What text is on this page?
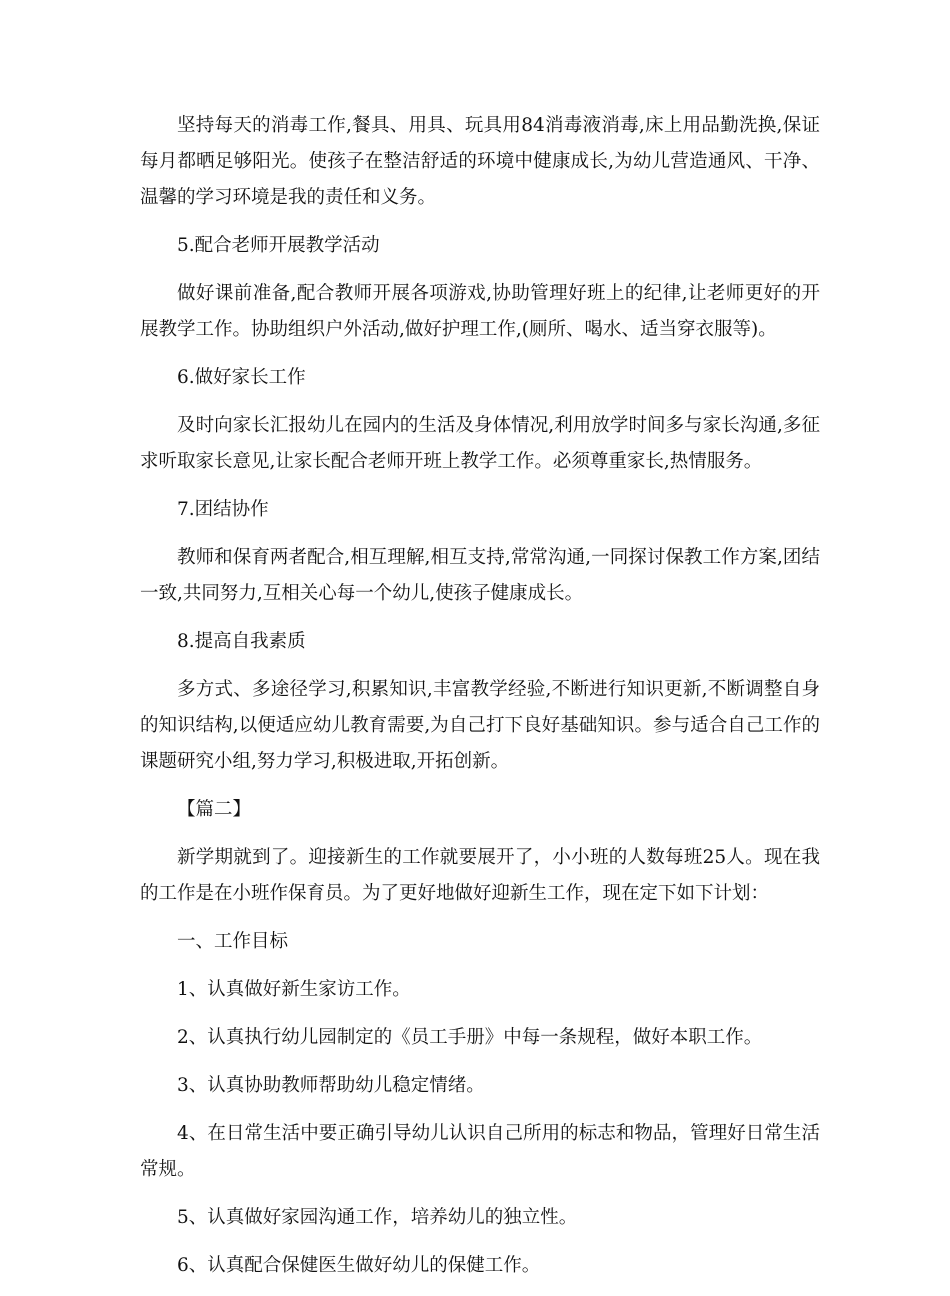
坚持每天的消毒工作,餐具、用具、玩具用84消毒液消毒,床上用品勤洗换,保证每月都晒足够阳光。使孩子在整洁舒适的环境中健康成长,为幼儿营造通风、干净、温馨的学习环境是我的责任和义务。

5.配合老师开展教学活动

做好课前准备,配合教师开展各项游戏,协助管理好班上的纪律,让老师更好的开展教学工作。协助组织户外活动,做好护理工作,(厕所、喝水、适当穿衣服等)。

6.做好家长工作

及时向家长汇报幼儿在园内的生活及身体情况,利用放学时间多与家长沟通,多征求听取家长意见,让家长配合老师开班上教学工作。必须尊重家长,热情服务。

7.团结协作

教师和保育两者配合,相互理解,相互支持,常常沟通,一同探讨保教工作方案,团结一致,共同努力,互相关心每一个幼儿,使孩子健康成长。

8.提高自我素质

多方式、多途径学习,积累知识,丰富教学经验,不断进行知识更新,不断调整自身的知识结构,以便适应幼儿教育需要,为自己打下良好基础知识。参与适合自己工作的课题研究小组,努力学习,积极进取,开拓创新。

【篇二】

新学期就到了。迎接新生的工作就要展开了，小小班的人数每班25人。现在我的工作是在小班作保育员。为了更好地做好迎新生工作，现在定下如下计划：

一、工作目标

1、认真做好新生家访工作。

2、认真执行幼儿园制定的《员工手册》中每一条规程，做好本职工作。

3、认真协助教师帮助幼儿稳定情绪。

4、在日常生活中要正确引导幼儿认识自己所用的标志和物品，管理好日常生活常规。

5、认真做好家园沟通工作，培养幼儿的独立性。

6、认真配合保健医生做好幼儿的保健工作。
